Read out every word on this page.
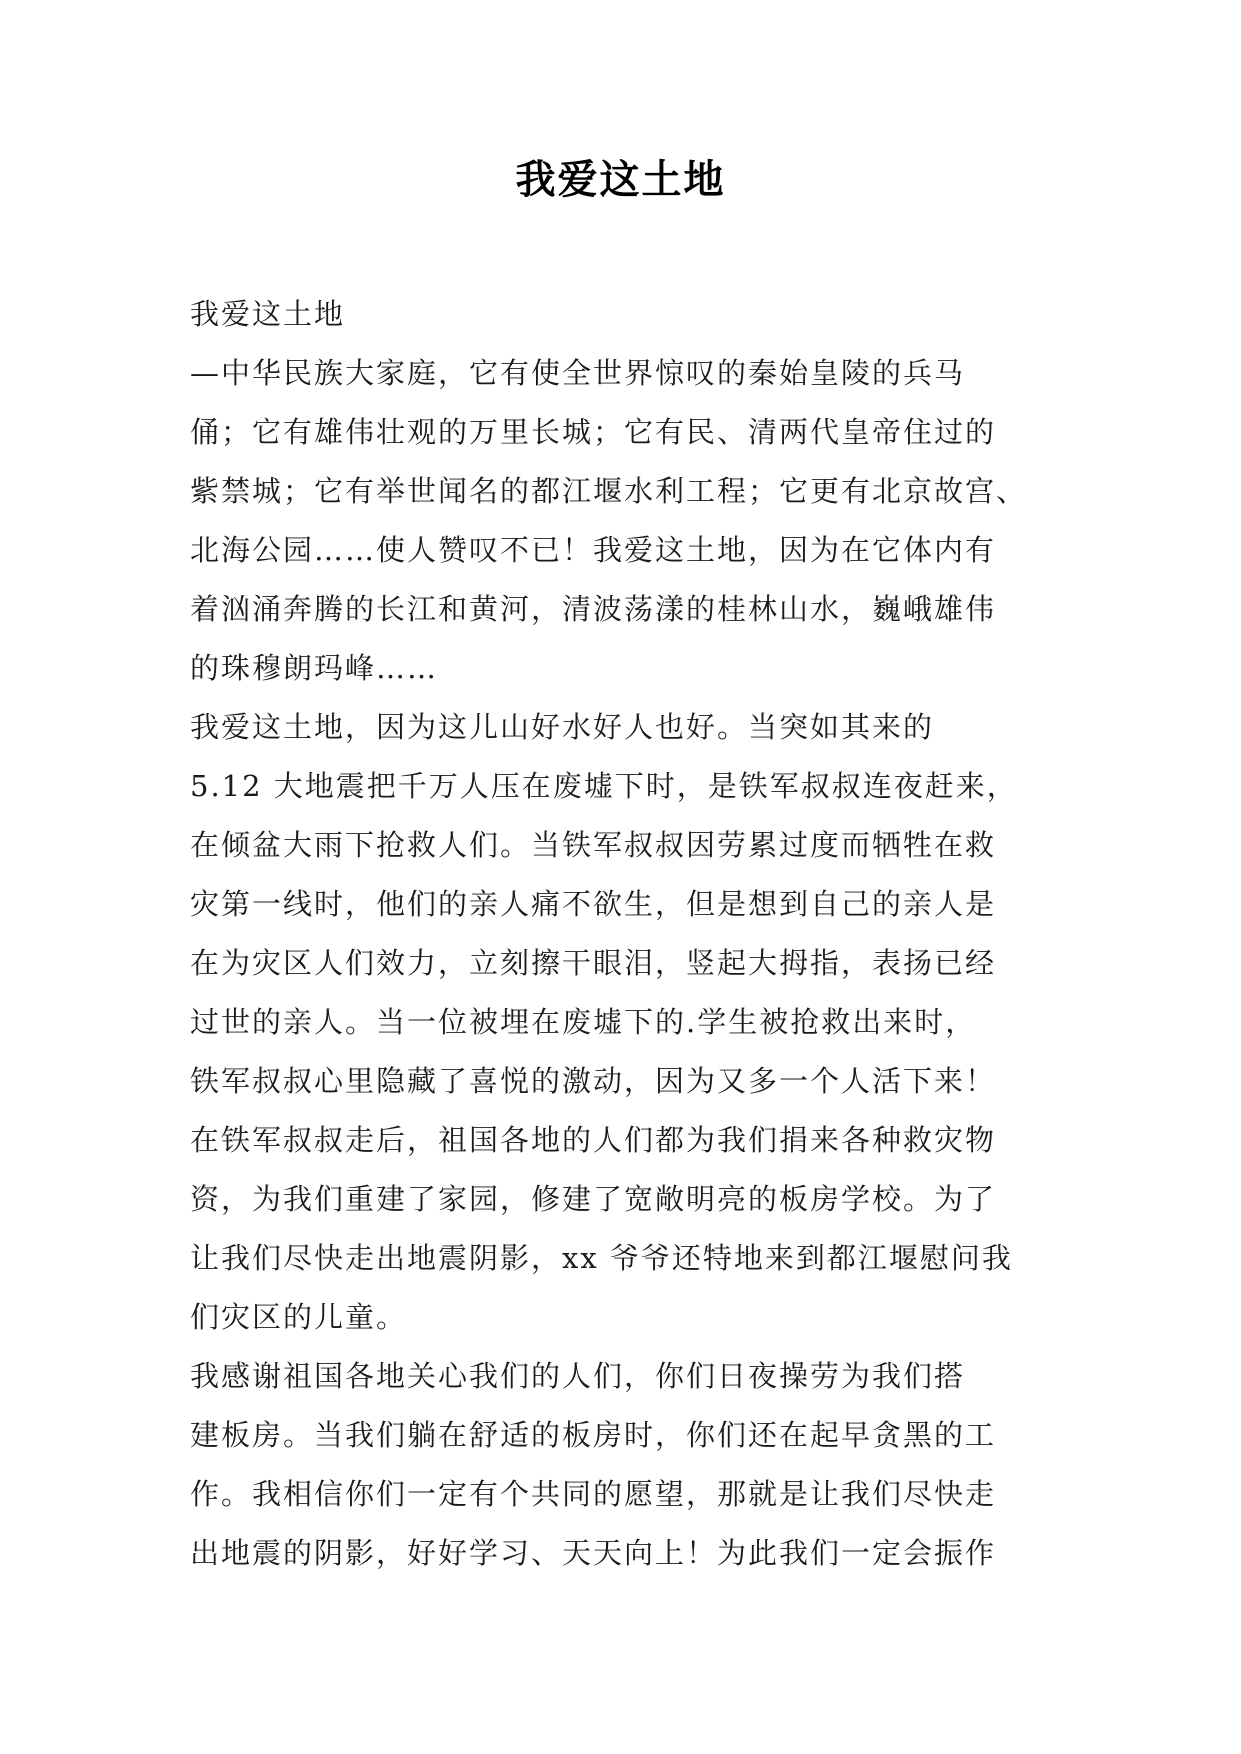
我爱这土地
我爱这土地
—中华民族大家庭，它有使全世界惊叹的秦始皇陵的兵马
俑；它有雄伟壮观的万里长城；它有民、清两代皇帝住过的
紫禁城；它有举世闻名的都江堰水利工程；它更有北京故宫、
北海公园……使人赞叹不已！我爱这土地，因为在它体内有
着汹涌奔腾的长江和黄河，清波荡漾的桂林山水，巍峨雄伟
的珠穆朗玛峰……
我爱这土地，因为这儿山好水好人也好。当突如其来的
5.12 大地震把千万人压在废墟下时，是铁军叔叔连夜赶来，
在倾盆大雨下抢救人们。当铁军叔叔因劳累过度而牺牲在救
灾第一线时，他们的亲人痛不欲生，但是想到自己的亲人是
在为灾区人们效力，立刻擦干眼泪，竖起大拇指，表扬已经
过世的亲人。当一位被埋在废墟下的.学生被抢救出来时，
铁军叔叔心里隐藏了喜悦的激动，因为又多一个人活下来！
在铁军叔叔走后，祖国各地的人们都为我们捐来各种救灾物
资，为我们重建了家园，修建了宽敞明亮的板房学校。为了
让我们尽快走出地震阴影，xx 爷爷还特地来到都江堰慰问我
们灾区的儿童。
我感谢祖国各地关心我们的人们，你们日夜操劳为我们搭
建板房。当我们躺在舒适的板房时，你们还在起早贪黑的工
作。我相信你们一定有个共同的愿望，那就是让我们尽快走
出地震的阴影，好好学习、天天向上！为此我们一定会振作
